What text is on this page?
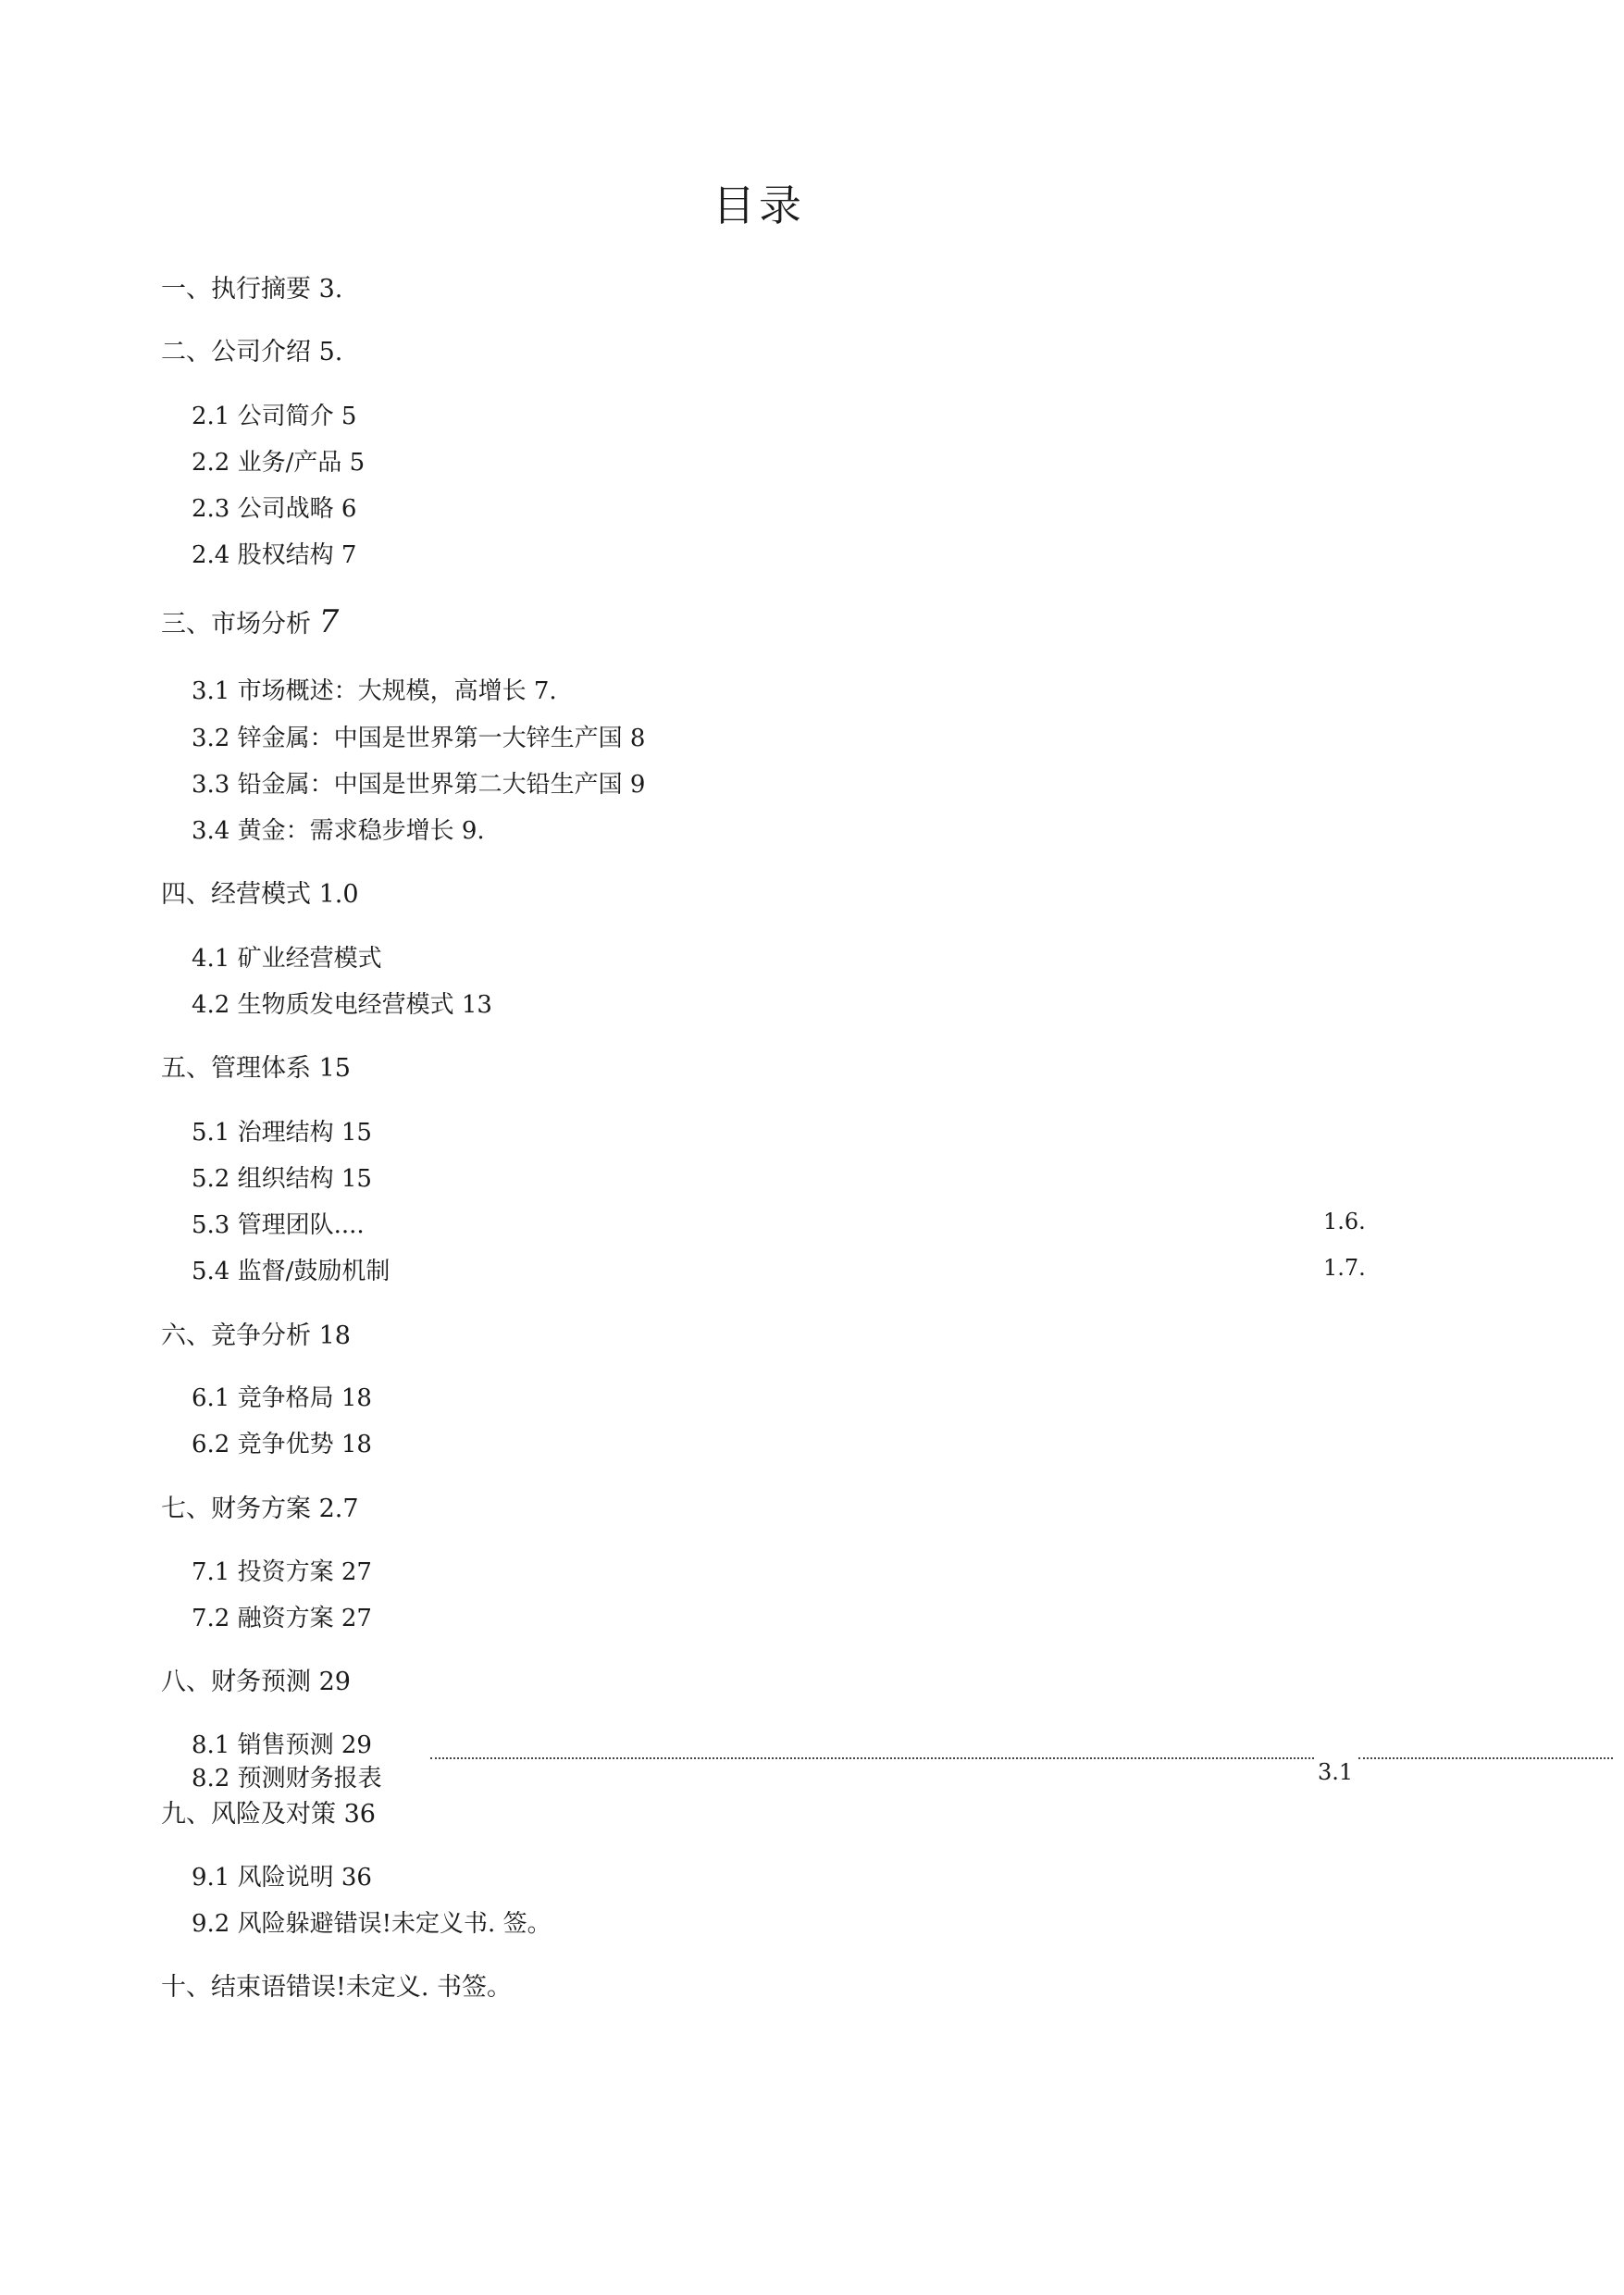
目录
一、执行摘要 3.
二、公司介绍 5.
2.1 公司简介 5
2.2 业务/产品 5
2.3 公司战略 6
2.4 股权结构 7
三、市场分析 7
3.1 市场概述：大规模，高增长 7.
3.2 锌金属：中国是世界第一大锌生产国 8
3.3 铅金属：中国是世界第二大铅生产国 9
3.4 黄金：需求稳步增长 9.
四、经营模式 1.0
4.1 矿业经营模式
4.2 生物质发电经营模式 13
五、管理体系 15
5.1 治理结构 15
5.2 组织结构 15
5.3 管理团队....	1.6.
5.4 监督/鼓励机制	1.7.
六、竞争分析 18
6.1 竞争格局 18
6.2 竞争优势 18
七、财务方案 2.7
7.1 投资方案 27
7.2 融资方案 27
八、财务预测 29
8.1 销售预测 29
8.2 预测财务报表	3.1
九、风险及对策 36
9.1 风险说明 36
9.2 风险躲避错误!未定义书. 签。
十、结束语错误!未定义. 书签。
